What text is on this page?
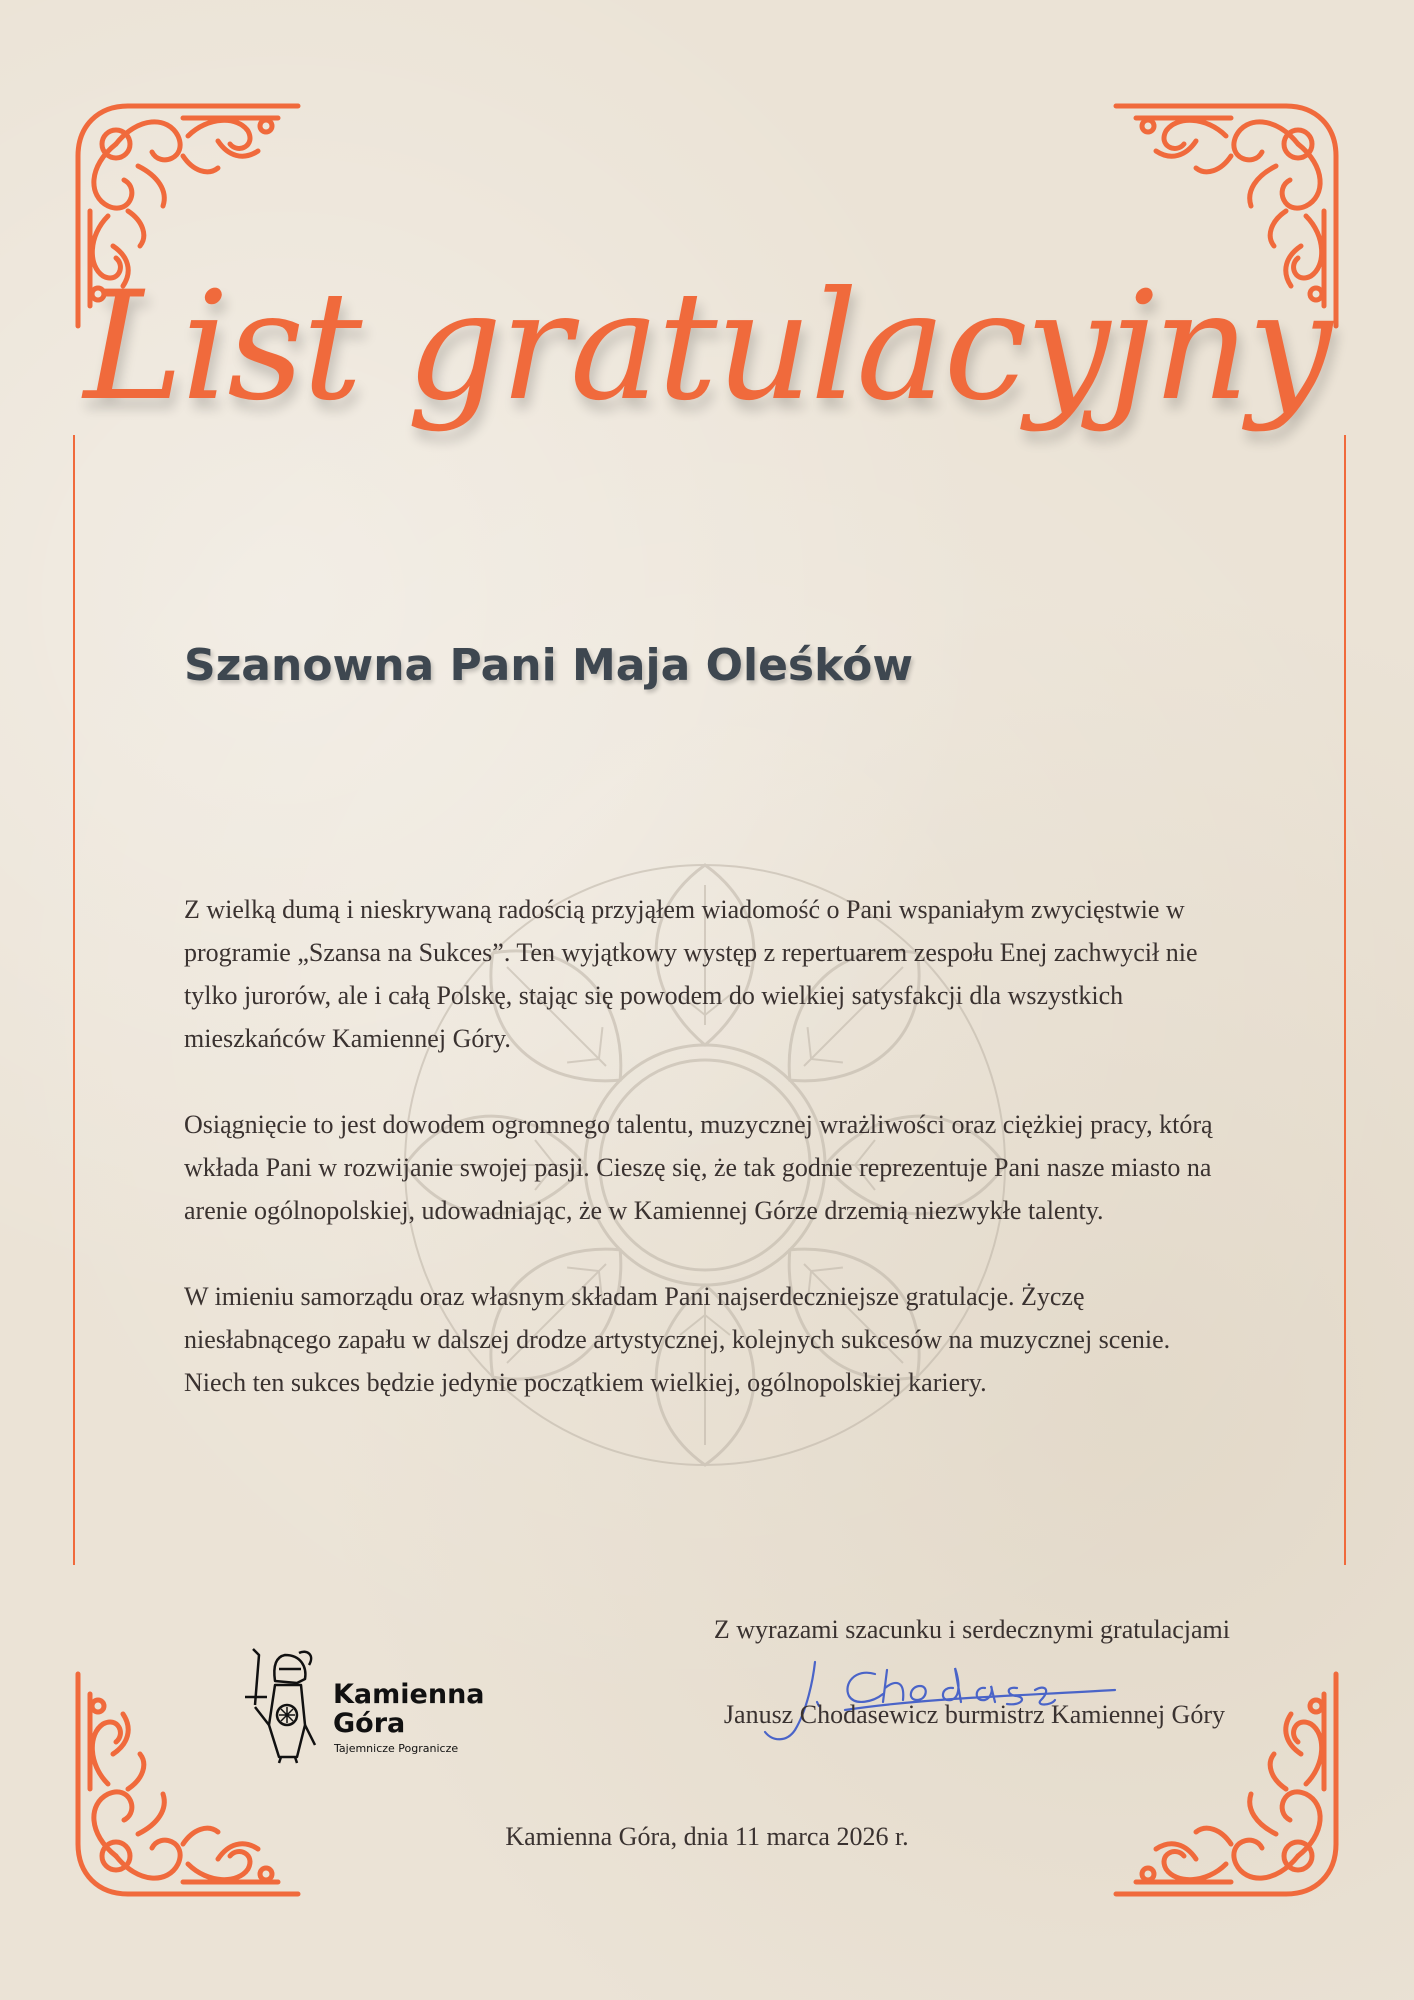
List gratulacyjny
Szanowna Pani Maja Oleśków

Z wielką dumą i nieskrywaną radością przyjąłem wiadomość o Pani wspaniałym zwycięstwie w programie „Szansa na Sukces”. Ten wyjątkowy występ z repertuarem zespołu Enej zachwycił nie tylko jurorów, ale i całą Polskę, stając się powodem do wielkiej satysfakcji dla wszystkich mieszkańców Kamiennej Góry.

Osiągnięcie to jest dowodem ogromnego talentu, muzycznej wrażliwości oraz ciężkiej pracy, którą wkłada Pani w rozwijanie swojej pasji. Cieszę się, że tak godnie reprezentuje Pani nasze miasto na arenie ogólnopolskiej, udowadniając, że w Kamiennej Górze drzemią niezwykłe talenty.

W imieniu samorządu oraz własnym składam Pani najserdeczniejsze gratulacje. Życzę niesłabnącego zapału w dalszej drodze artystycznej, kolejnych sukcesów na muzycznej scenie. Niech ten sukces będzie jedynie początkiem wielkiej, ogólnopolskiej kariery.

Z wyrazami szacunku i serdecznymi gratulacjami

Janusz Chodasewicz burmistrz Kamiennej Góry

Kamienna
Góra
Tajemnicze Pogranicze

Kamienna Góra, dnia 11 marca 2026 r.
